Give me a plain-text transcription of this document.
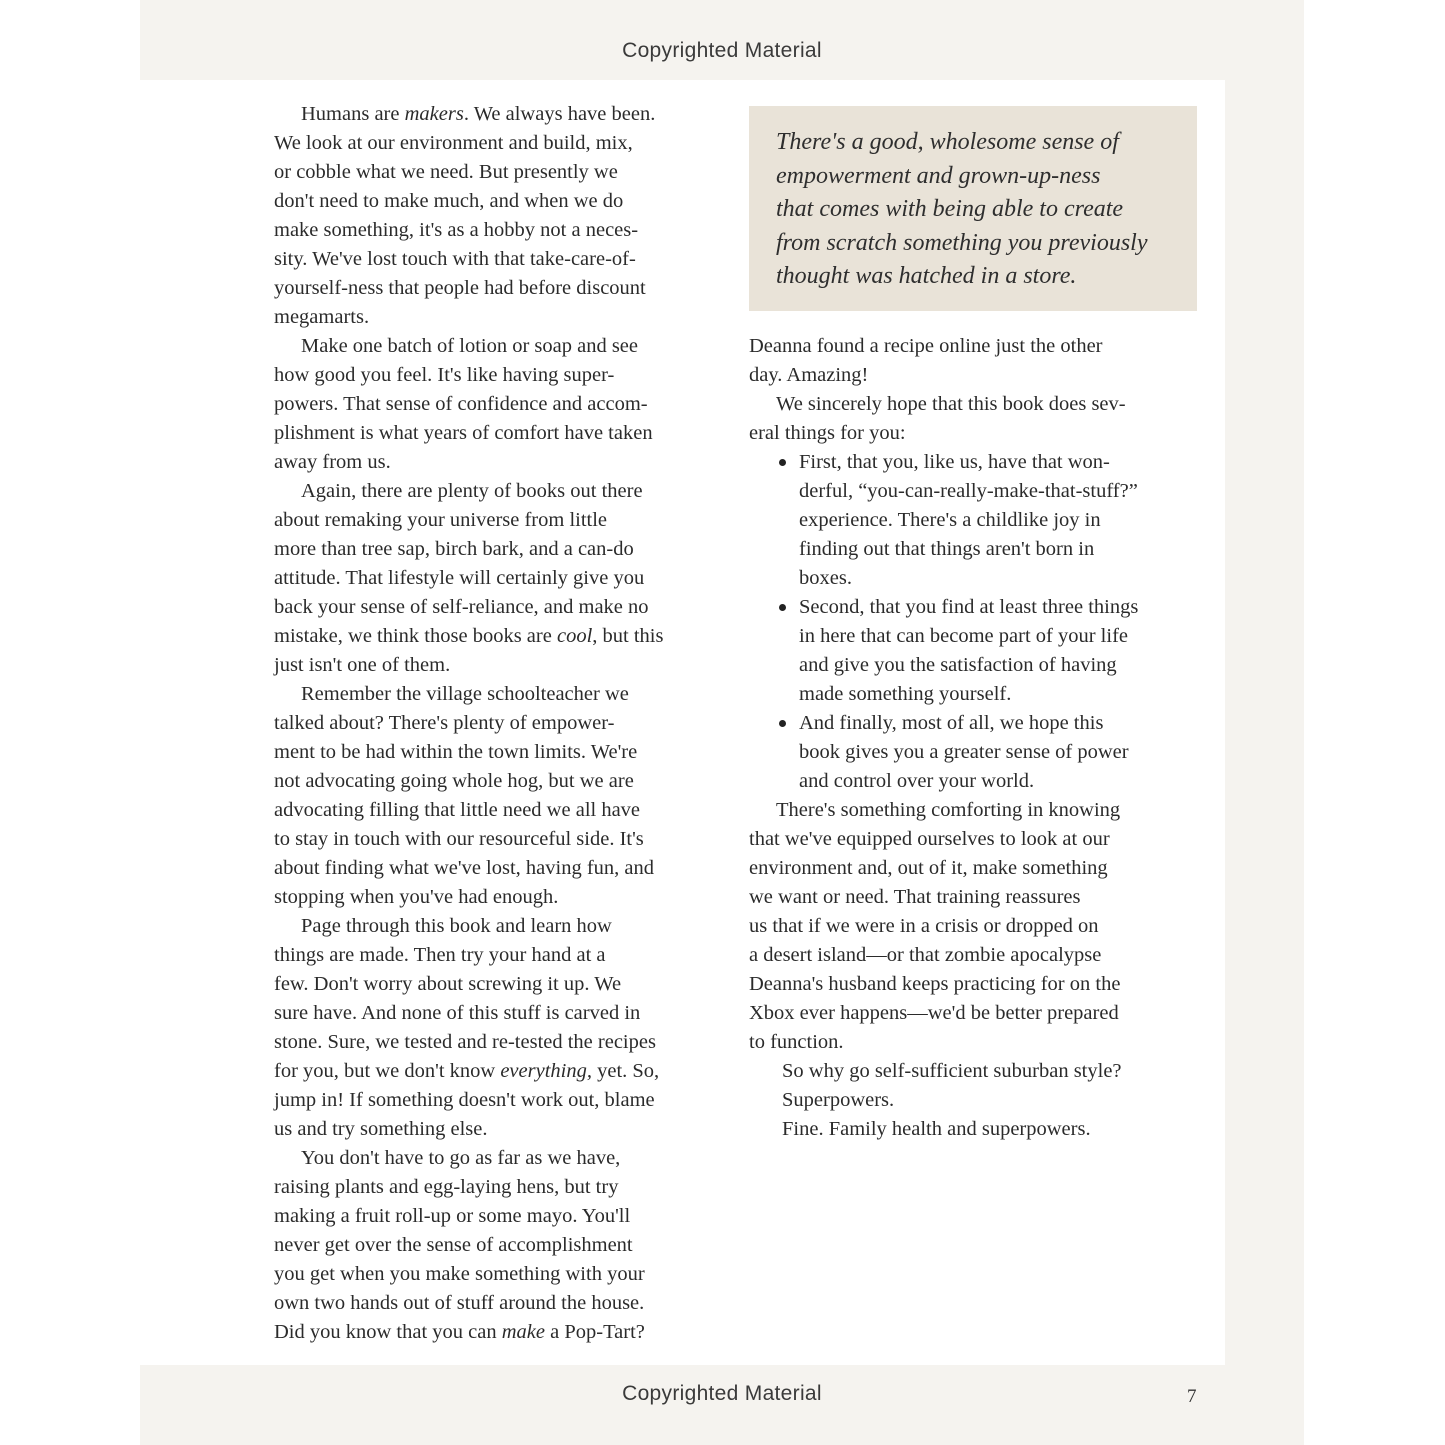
Copyrighted Material
There's a good, wholesome sense of
empowerment and grown-up-ness
that comes with being able to create
from scratch something you previously
thought was hatched in a store.
Humans are makers. We always have been.
We look at our environment and build, mix,
or cobble what we need. But presently we
don't need to make much, and when we do
make something, it's as a hobby not a neces-
sity. We've lost touch with that take-care-of-
yourself-ness that people had before discount
megamarts.
Make one batch of lotion or soap and see
how good you feel. It's like having super-
powers. That sense of confidence and accom-
plishment is what years of comfort have taken
away from us.
Again, there are plenty of books out there
about remaking your universe from little
more than tree sap, birch bark, and a can-do
attitude. That lifestyle will certainly give you
back your sense of self-reliance, and make no
mistake, we think those books are cool, but this
just isn't one of them.
Remember the village schoolteacher we
talked about? There's plenty of empower-
ment to be had within the town limits. We're
not advocating going whole hog, but we are
advocating filling that little need we all have
to stay in touch with our resourceful side. It's
about finding what we've lost, having fun, and
stopping when you've had enough.
Page through this book and learn how
things are made. Then try your hand at a
few. Don't worry about screwing it up. We
sure have. And none of this stuff is carved in
stone. Sure, we tested and re-tested the recipes
for you, but we don't know everything, yet. So,
jump in! If something doesn't work out, blame
us and try something else.
You don't have to go as far as we have,
raising plants and egg-laying hens, but try
making a fruit roll-up or some mayo. You'll
never get over the sense of accomplishment
you get when you make something with your
own two hands out of stuff around the house.
Did you know that you can make a Pop-Tart?
Deanna found a recipe online just the other
day. Amazing!
We sincerely hope that this book does sev-
eral things for you:
First, that you, like us, have that won-
derful, “you-can-really-make-that-stuff?”
experience. There's a childlike joy in
finding out that things aren't born in
boxes.
Second, that you find at least three things
in here that can become part of your life
and give you the satisfaction of having
made something yourself.
And finally, most of all, we hope this
book gives you a greater sense of power
and control over your world.
There's something comforting in knowing
that we've equipped ourselves to look at our
environment and, out of it, make something
we want or need. That training reassures
us that if we were in a crisis or dropped on
a desert island—or that zombie apocalypse
Deanna's husband keeps practicing for on the
Xbox ever happens—we'd be better prepared
to function.
So why go self-sufficient suburban style?
Superpowers.
Fine. Family health and superpowers.
Copyrighted Material	7
